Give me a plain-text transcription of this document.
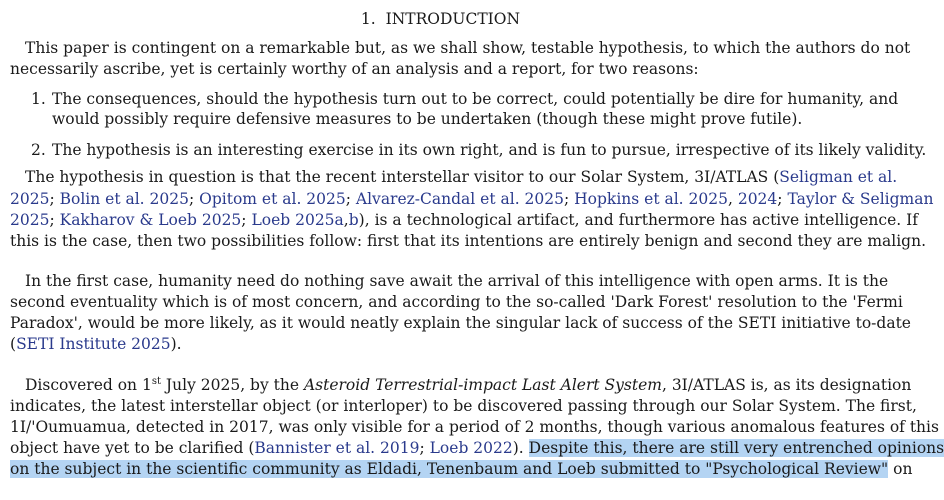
1. INTRODUCTION
This paper is contingent on a remarkable but, as we shall show, testable hypothesis, to which the authors do not
necessarily ascribe, yet is certainly worthy of an analysis and a report, for two reasons:
1. The consequences, should the hypothesis turn out to be correct, could potentially be dire for humanity, and
would possibly require defensive measures to be undertaken (though these might prove futile).
2. The hypothesis is an interesting exercise in its own right, and is fun to pursue, irrespective of its likely validity.
The hypothesis in question is that the recent interstellar visitor to our Solar System, 3I/ATLAS (Seligman et al.
2025; Bolin et al. 2025; Opitom et al. 2025; Alvarez-Candal et al. 2025; Hopkins et al. 2025, 2024; Taylor & Seligman
2025; Kakharov & Loeb 2025; Loeb 2025a,b), is a technological artifact, and furthermore has active intelligence. If
this is the case, then two possibilities follow: first that its intentions are entirely benign and second they are malign.
In the first case, humanity need do nothing save await the arrival of this intelligence with open arms. It is the
second eventuality which is of most concern, and according to the so-called 'Dark Forest' resolution to the 'Fermi
Paradox', would be more likely, as it would neatly explain the singular lack of success of the SETI initiative to-date
(SETI Institute 2025).
Discovered on 1st July 2025, by the Asteroid Terrestrial-impact Last Alert System, 3I/ATLAS is, as its designation
indicates, the latest interstellar object (or interloper) to be discovered passing through our Solar System. The first,
1I/'Oumuamua, detected in 2017, was only visible for a period of 2 months, though various anomalous features of this
object have yet to be clarified (Bannister et al. 2019; Loeb 2022). Despite this, there are still very entrenched opinions
on the subject in the scientific community as Eldadi, Tenenbaum and Loeb submitted to "Psychological Review" on
